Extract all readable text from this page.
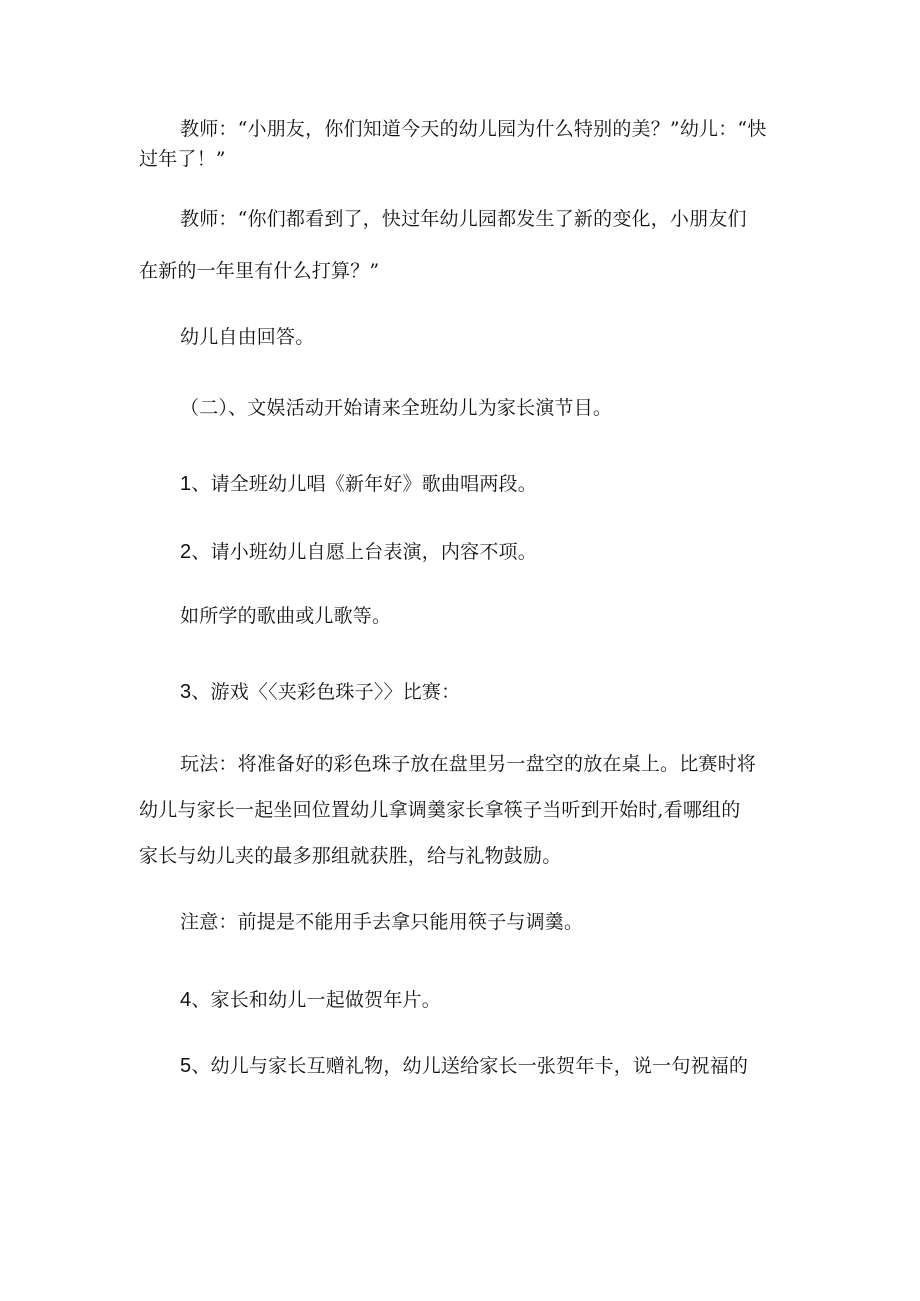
教师：“小朋友，你们知道今天的幼儿园为什么特别的美？”幼儿：“快
过年了！”

教师：“你们都看到了，快过年幼儿园都发生了新的变化，小朋友们
在新的一年里有什么打算？”

幼儿自由回答。

（二）、文娱活动开始请来全班幼儿为家长演节目。

1、请全班幼儿唱《新年好》歌曲唱两段。

2、请小班幼儿自愿上台表演，内容不项。

如所学的歌曲或儿歌等。

3、游戏〈〈夹彩色珠子〉〉比赛：

玩法：将准备好的彩色珠子放在盘里另一盘空的放在桌上。比赛时将
幼儿与家长一起坐回位置幼儿拿调羹家长拿筷子当听到开始时,看哪组的
家长与幼儿夹的最多那组就获胜，给与礼物鼓励。

注意：前提是不能用手去拿只能用筷子与调羹。

4、家长和幼儿一起做贺年片。

5、幼儿与家长互赠礼物，幼儿送给家长一张贺年卡，说一句祝福的
